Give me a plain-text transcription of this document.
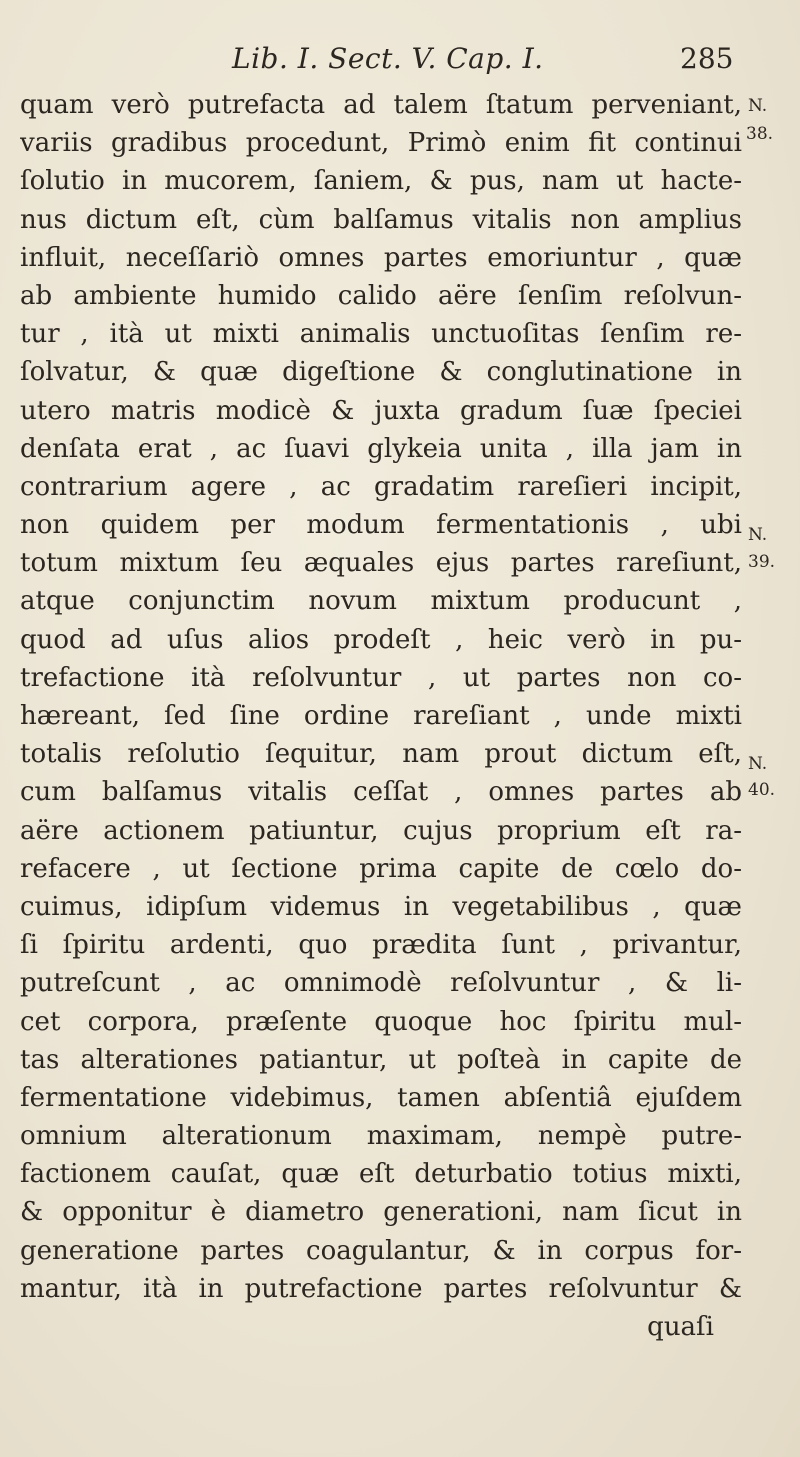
Lib. I. Sect. V. Cap. I.	285
quam verò putrefacta ad talem ſtatum perveniant,
variis gradibus procedunt, Primò enim fit continui
ſolutio in mucorem, ſaniem, & pus, nam ut hacte-
nus dictum eſt, cùm balſamus vitalis non amplius
influit, neceſſariò omnes partes emoriuntur , quæ
ab ambiente humido calido aëre ſenſim reſolvun-
tur , ità ut mixti animalis unctuoſitas ſenſim re-
ſolvatur, & quæ digeſtione & conglutinatione in
utero matris modicè & juxta gradum ſuæ ſpeciei
denſata erat , ac ſuavi glykeia unita , illa jam in
contrarium agere , ac gradatim rareſieri incipit,
non quidem per modum fermentationis , ubi
totum mixtum ſeu æquales ejus partes rareſiunt,
atque conjunctim novum mixtum producunt ,
quod ad uſus alios prodeſt , heic verò in pu-
trefactione ità reſolvuntur , ut partes non co-
hæreant, ſed ſine ordine rareſiant , unde mixti
totalis reſolutio ſequitur, nam prout dictum eſt,
cum balſamus vitalis ceſſat , omnes partes ab
aëre actionem patiuntur, cujus proprium eſt ra-
refacere , ut ſectione prima capite de cœlo do-
cuimus, idipſum videmus in vegetabilibus , quæ
ſi ſpiritu ardenti, quo prædita ſunt , privantur,
putreſcunt , ac omnimodè reſolvuntur , & li-
cet corpora, præſente quoque hoc ſpiritu mul-
tas alterationes patiantur, ut poſteà in capite de
fermentatione videbimus, tamen abſentiâ ejuſdem
omnium alterationum maximam, nempè putre-
factionem cauſat, quæ eſt deturbatio totius mixti,
& opponitur è diametro generationi, nam ſicut in
generatione partes coagulantur, & in corpus for-
mantur, ità in putrefactione partes reſolvuntur &
quaſi
N.
38.
N.
39.
N.
40.
